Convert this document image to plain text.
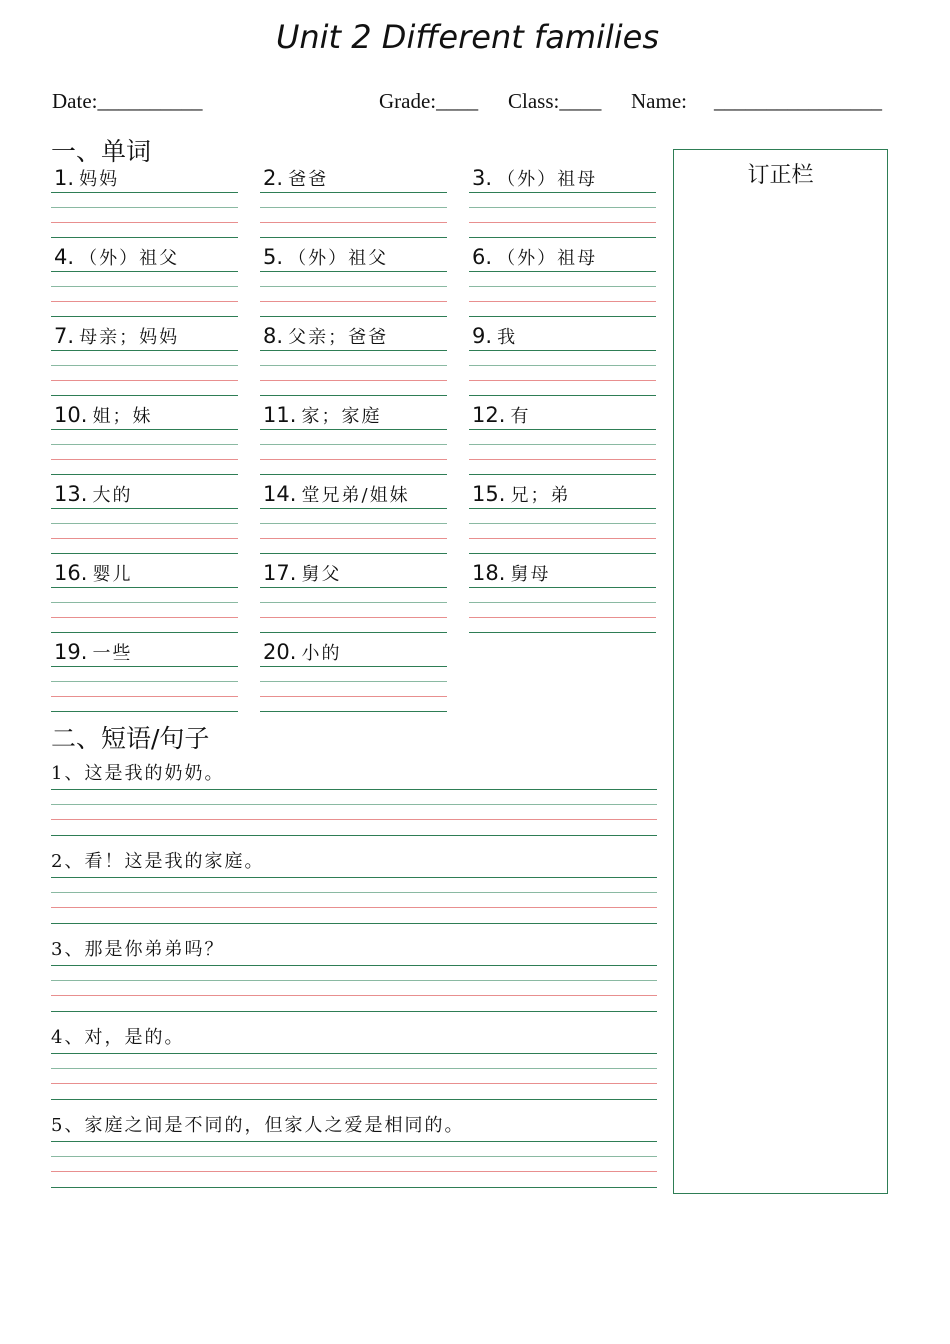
Unit 2 Different families
Date:__________	Grade:____ Class:____ Name: ________________
一、单词
1. 妈妈	2. 爸爸	3. （外）祖母
4. （外）祖父	5. （外）祖父	6. （外）祖母
7. 母亲；妈妈	8. 父亲；爸爸	9. 我
10. 姐；妹	11. 家；家庭	12. 有
13. 大的	14. 堂兄弟/姐妹	15. 兄；弟
16. 婴儿	17. 舅父	18. 舅母
19. 一些	20. 小的
二、短语/句子
1、这是我的奶奶。
2、看！这是我的家庭。
3、那是你弟弟吗？
4、对，是的。
5、家庭之间是不同的，但家人之爱是相同的。
订正栏
